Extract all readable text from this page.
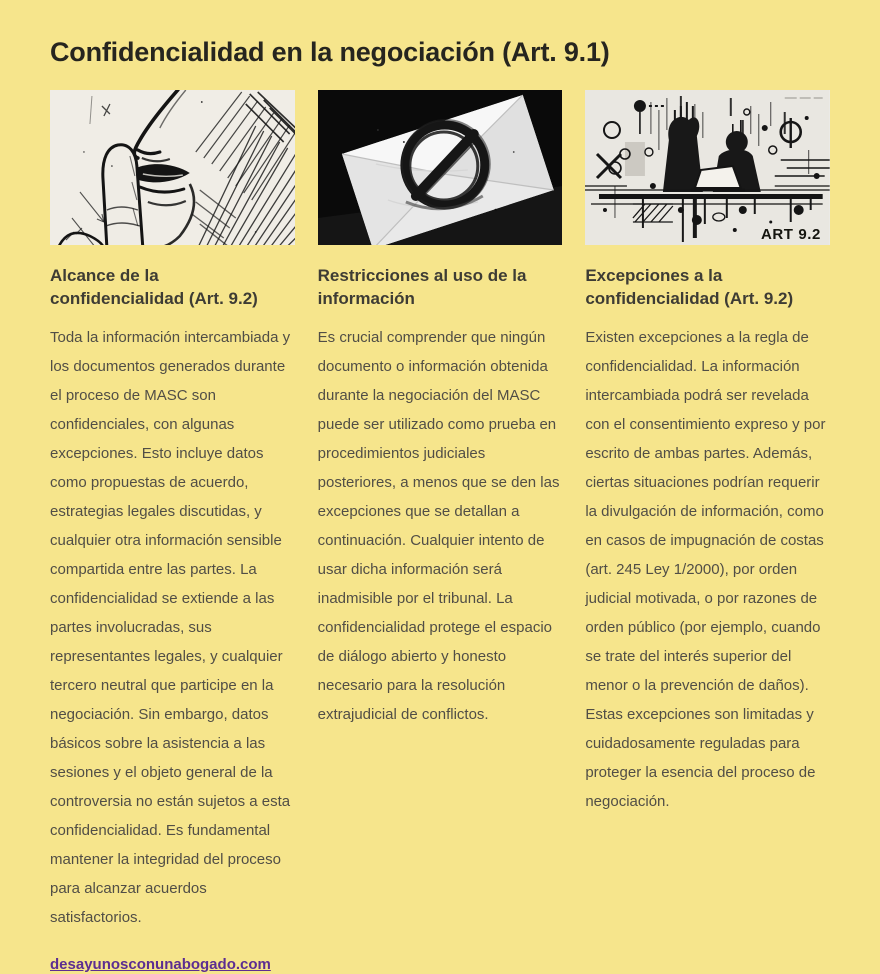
Confidencialidad en la negociación (Art. 9.1)
Alcance de la confidencialidad (Art. 9.2)

Toda la información intercambiada y los documentos generados durante el proceso de MASC son confidenciales, con algunas excepciones. Esto incluye datos como propuestas de acuerdo, estrategias legales discutidas, y cualquier otra información sensible compartida entre las partes. La confidencialidad se extiende a las partes involucradas, sus representantes legales, y cualquier tercero neutral que participe en la negociación. Sin embargo, datos básicos sobre la asistencia a las sesiones y el objeto general de la controversia no están sujetos a esta confidencialidad. Es fundamental mantener la integridad del proceso para alcanzar acuerdos satisfactorios.

Restricciones al uso de la información

Es crucial comprender que ningún documento o información obtenida durante la negociación del MASC puede ser utilizado como prueba en procedimientos judiciales posteriores, a menos que se den las excepciones que se detallan a continuación. Cualquier intento de usar dicha información será inadmisible por el tribunal. La confidencialidad protege el espacio de diálogo abierto y honesto necesario para la resolución extrajudicial de conflictos.

ART 9.2
Excepciones a la confidencialidad (Art. 9.2)

Existen excepciones a la regla de confidencialidad. La información intercambiada podrá ser revelada con el consentimiento expreso y por escrito de ambas partes. Además, ciertas situaciones podrían requerir la divulgación de información, como en casos de impugnación de costas (art. 245 Ley 1/2000), por orden judicial motivada, o por razones de orden público (por ejemplo, cuando se trate del interés superior del menor o la prevención de daños). Estas excepciones son limitadas y cuidadosamente reguladas para proteger la esencia del proceso de negociación.

desayunosconunabogado.com
